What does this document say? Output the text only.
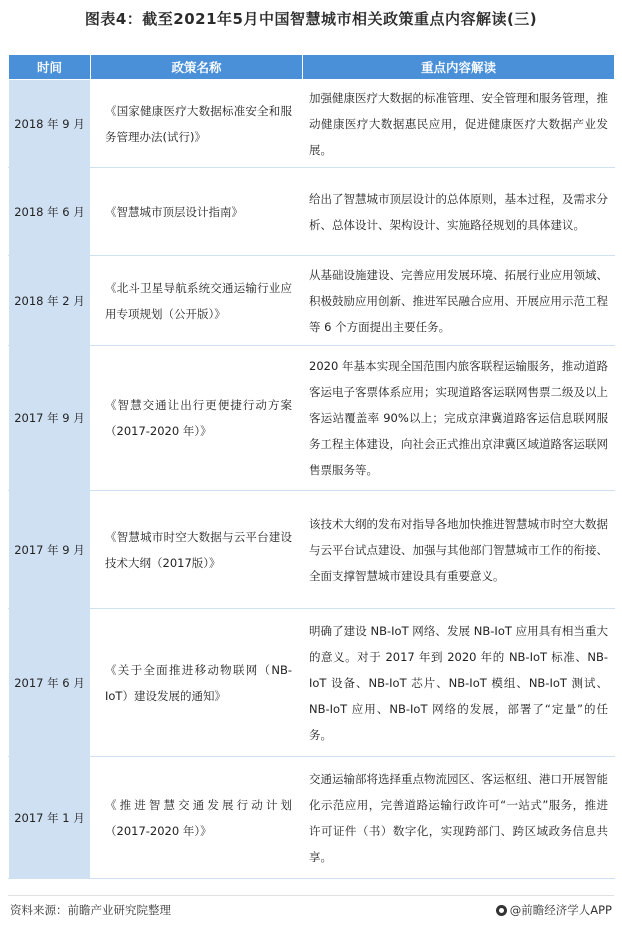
图表4：截至2021年5月中国智慧城市相关政策重点内容解读(三)
时间	政策名称	重点内容解读
2018 年 9 月	《国家健康医疗大数据标准安全和服务管理办法(试行)》	加强健康医疗大数据的标准管理、安全管理和服务管理，推动健康医疗大数据惠民应用，促进健康医疗大数据产业发展。
2018 年 6 月	《智慧城市顶层设计指南》	给出了智慧城市顶层设计的总体原则，基本过程，及需求分析、总体设计、架构设计、实施路径规划的具体建议。
2018 年 2 月	《北斗卫星导航系统交通运输行业应用专项规划（公开版）》	从基础设施建设、完善应用发展环境、拓展行业应用领域、积极鼓励应用创新、推进军民融合应用、开展应用示范工程等 6 个方面提出主要任务。
2017 年 9 月	《智慧交通让出行更便捷行动方案（2017-2020 年）》	2020 年基本实现全国范围内旅客联程运输服务，推动道路客运电子客票体系应用；实现道路客运联网售票二级及以上客运站覆盖率 90%以上；完成京津冀道路客运信息联网服务工程主体建设，向社会正式推出京津冀区域道路客运联网售票服务等。
2017 年 9 月	《智慧城市时空大数据与云平台建设技术大纲（2017版）》	该技术大纲的发布对指导各地加快推进智慧城市时空大数据与云平台试点建设、加强与其他部门智慧城市工作的衔接、全面支撑智慧城市建设具有重要意义。
2017 年 6 月	《关于全面推进移动物联网（NB-IoT）建设发展的通知》	明确了建设 NB-IoT 网络、发展 NB-IoT 应用具有相当重大的意义。对于 2017 年到 2020 年的 NB-IoT 标准、NB-IoT 设备、NB-IoT 芯片、NB-IoT 模组、NB-IoT 测试、NB-IoT 应用、NB-IoT 网络的发展，部署了“定量”的任务。
2017 年 1 月	《推进智慧交通发展行动计划（2017-2020 年）》	交通运输部将选择重点物流园区、客运枢纽、港口开展智能化示范应用，完善道路运输行政许可“一站式”服务，推进许可证件（书）数字化，实现跨部门、跨区域政务信息共享。
资料来源：前瞻产业研究院整理	@前瞻经济学人APP
